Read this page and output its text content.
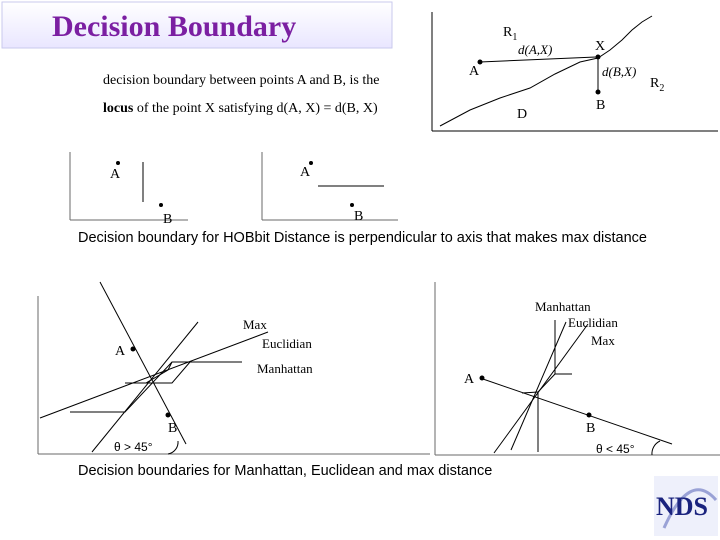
Decision Boundary
decision boundary between points A and B, is the
locus of the point X satisfying d(A, X) = d(B, X)
$R_1$
d(A,X)	X
A	d(B,X)
$R_2$
B
D
A
B
A
B
Decision boundary for HOBbit Distance is perpendicular to axis that makes max distance
A
B
Max
Euclidian
Manhattan
θ > 45°
Manhattan
Euclidian
Max
A
B
θ < 45°
Decision boundaries for Manhattan, Euclidean and max distance
NDS
